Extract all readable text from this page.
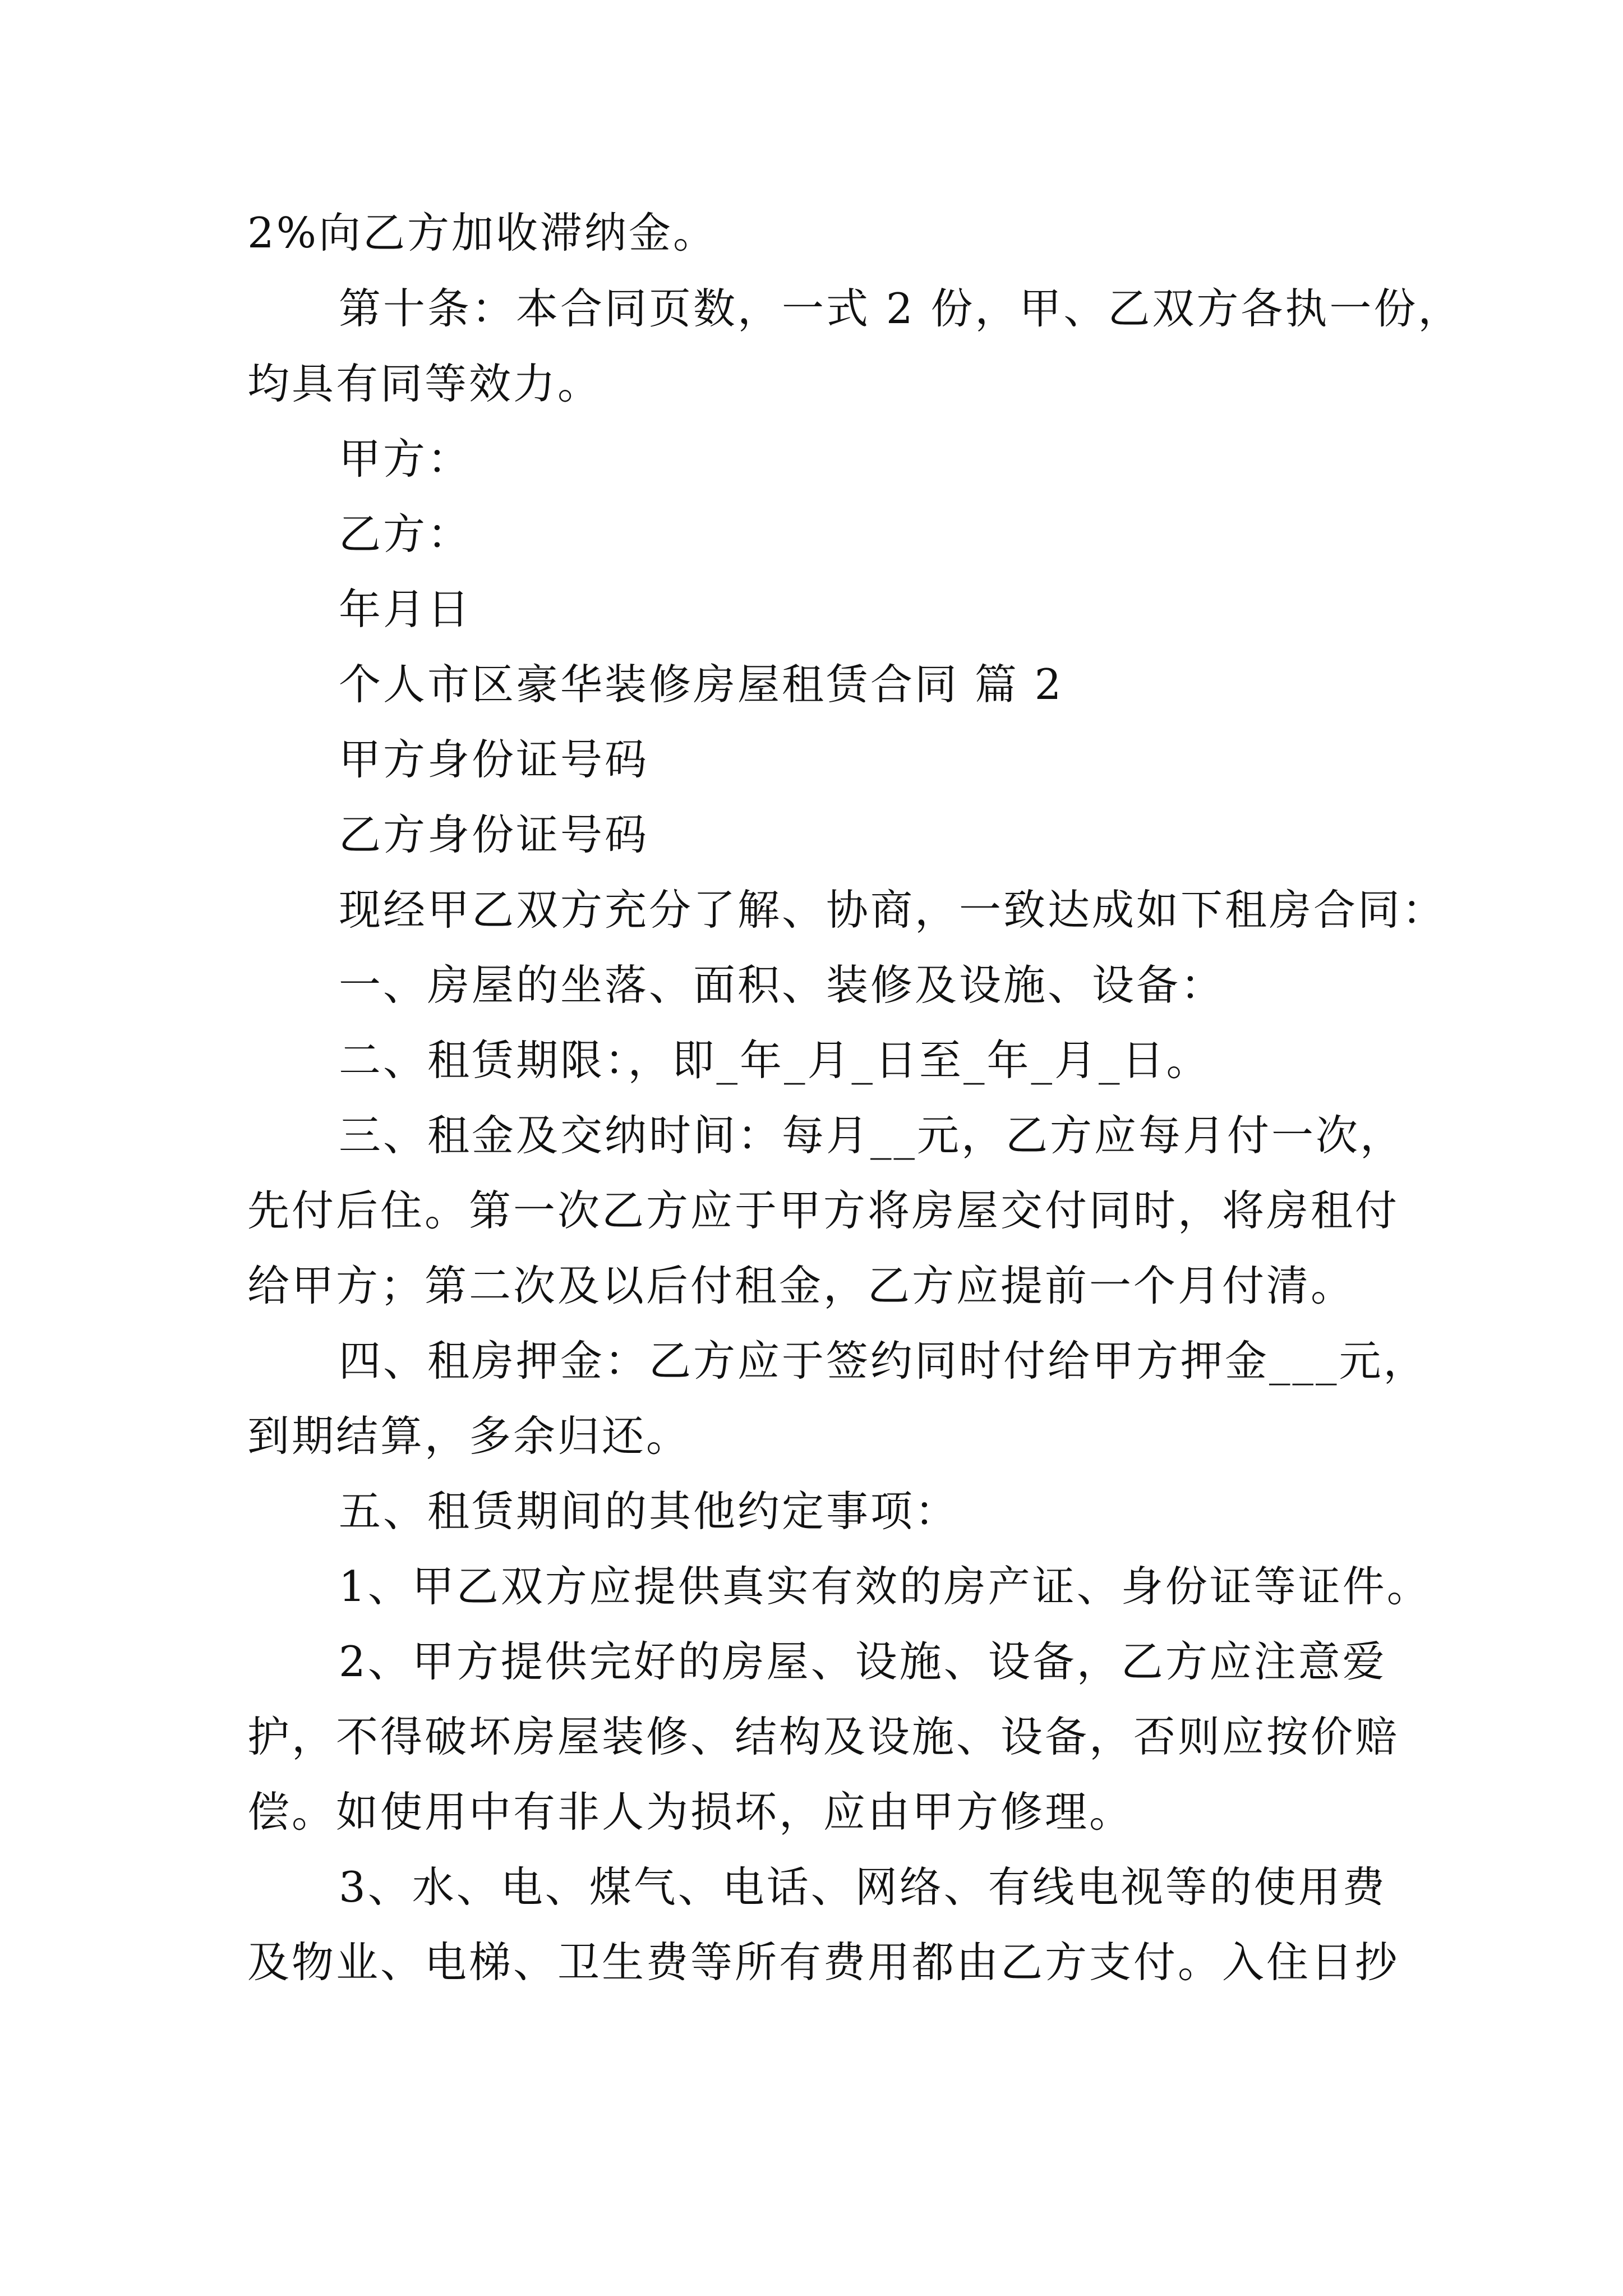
2%向乙方加收滞纳金。
第十条：本合同页数，一式 2 份，甲、乙双方各执一份，
均具有同等效力。
甲方：
乙方：
年月日
个人市区豪华装修房屋租赁合同 篇 2
甲方身份证号码
乙方身份证号码
现经甲乙双方充分了解、协商，一致达成如下租房合同：
一、房屋的坐落、面积、装修及设施、设备：
二、租赁期限：，即_年_月_日至_年_月_日。
三、租金及交纳时间：每月__元，乙方应每月付一次，
先付后住。第一次乙方应于甲方将房屋交付同时，将房租付
给甲方；第二次及以后付租金，乙方应提前一个月付清。
四、租房押金：乙方应于签约同时付给甲方押金___元，
到期结算，多余归还。
五、租赁期间的其他约定事项：
1、甲乙双方应提供真实有效的房产证、身份证等证件。
2、甲方提供完好的房屋、设施、设备，乙方应注意爱
护，不得破坏房屋装修、结构及设施、设备，否则应按价赔
偿。如使用中有非人为损坏，应由甲方修理。
3、水、电、煤气、电话、网络、有线电视等的使用费
及物业、电梯、卫生费等所有费用都由乙方支付。入住日抄
